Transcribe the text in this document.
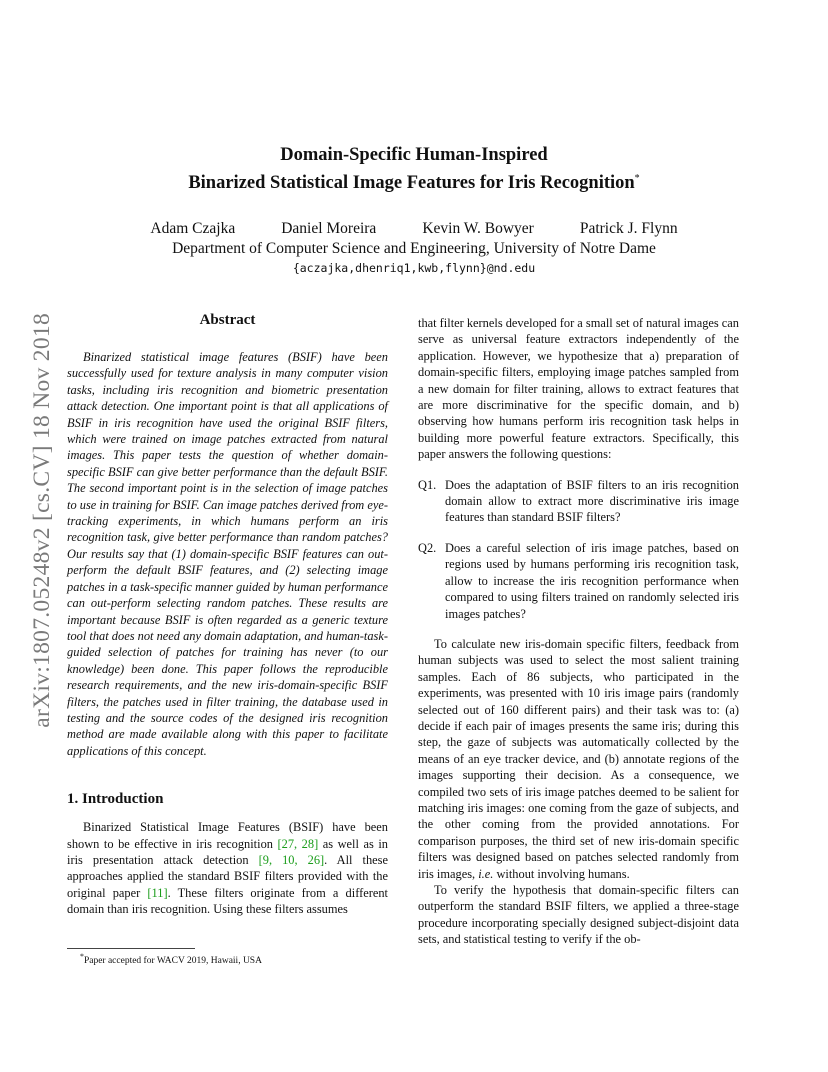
arXiv:1807.05248v2 [cs.CV] 18 Nov 2018
Domain-Specific Human-Inspired
Binarized Statistical Image Features for Iris Recognition*
Adam Czajka	Daniel Moreira	Kevin W. Bowyer	Patrick J. Flynn
Department of Computer Science and Engineering, University of Notre Dame
{aczajka,dhenriq1,kwb,flynn}@nd.edu
Abstract

Binarized statistical image features (BSIF) have been successfully used for texture analysis in many computer vision tasks, including iris recognition and biometric presentation attack detection. One important point is that all applications of BSIF in iris recognition have used the original BSIF filters, which were trained on image patches extracted from natural images. This paper tests the question of whether domain-specific BSIF can give better performance than the default BSIF. The second important point is in the selection of image patches to use in training for BSIF. Can image patches derived from eye-tracking experiments, in which humans perform an iris recognition task, give better performance than random patches? Our results say that (1) domain-specific BSIF features can out-perform the default BSIF features, and (2) selecting image patches in a task-specific manner guided by human performance can out-perform selecting random patches. These results are important because BSIF is often regarded as a generic texture tool that does not need any domain adaptation, and human-task-guided selection of patches for training has never (to our knowledge) been done. This paper follows the reproducible research requirements, and the new iris-domain-specific BSIF filters, the patches used in filter training, the database used in testing and the source codes of the designed iris recognition method are made available along with this paper to facilitate applications of this concept.

1. Introduction

Binarized Statistical Image Features (BSIF) have been shown to be effective in iris recognition [27, 28] as well as in iris presentation attack detection [9, 10, 26]. All these approaches applied the standard BSIF filters provided with the original paper [11]. These filters originate from a different domain than iris recognition. Using these filters assumes

that filter kernels developed for a small set of natural images can serve as universal feature extractors independently of the application. However, we hypothesize that a) preparation of domain-specific filters, employing image patches sampled from a new domain for filter training, allows to extract features that are more discriminative for the specific domain, and b) observing how humans perform iris recognition task helps in building more powerful feature extractors. Specifically, this paper answers the following questions:

Q1. Does the adaptation of BSIF filters to an iris recognition domain allow to extract more discriminative iris image features than standard BSIF filters?
Q2. Does a careful selection of iris image patches, based on regions used by humans performing iris recognition task, allow to increase the iris recognition performance when compared to using filters trained on randomly selected iris images patches?

To calculate new iris-domain specific filters, feedback from human subjects was used to select the most salient training samples. Each of 86 subjects, who participated in the experiments, was presented with 10 iris image pairs (randomly selected out of 160 different pairs) and their task was to: (a) decide if each pair of images presents the same iris; during this step, the gaze of subjects was automatically collected by the means of an eye tracker device, and (b) annotate regions of the images supporting their decision. As a consequence, we compiled two sets of iris image patches deemed to be salient for matching iris images: one coming from the gaze of subjects, and the other coming from the provided annotations. For comparison purposes, the third set of new iris-domain specific filters was designed based on patches selected randomly from iris images, i.e. without involving humans.

To verify the hypothesis that domain-specific filters can outperform the standard BSIF filters, we applied a three-stage procedure incorporating specially designed subject-disjoint data sets, and statistical testing to verify if the ob-

*Paper accepted for WACV 2019, Hawaii, USA
